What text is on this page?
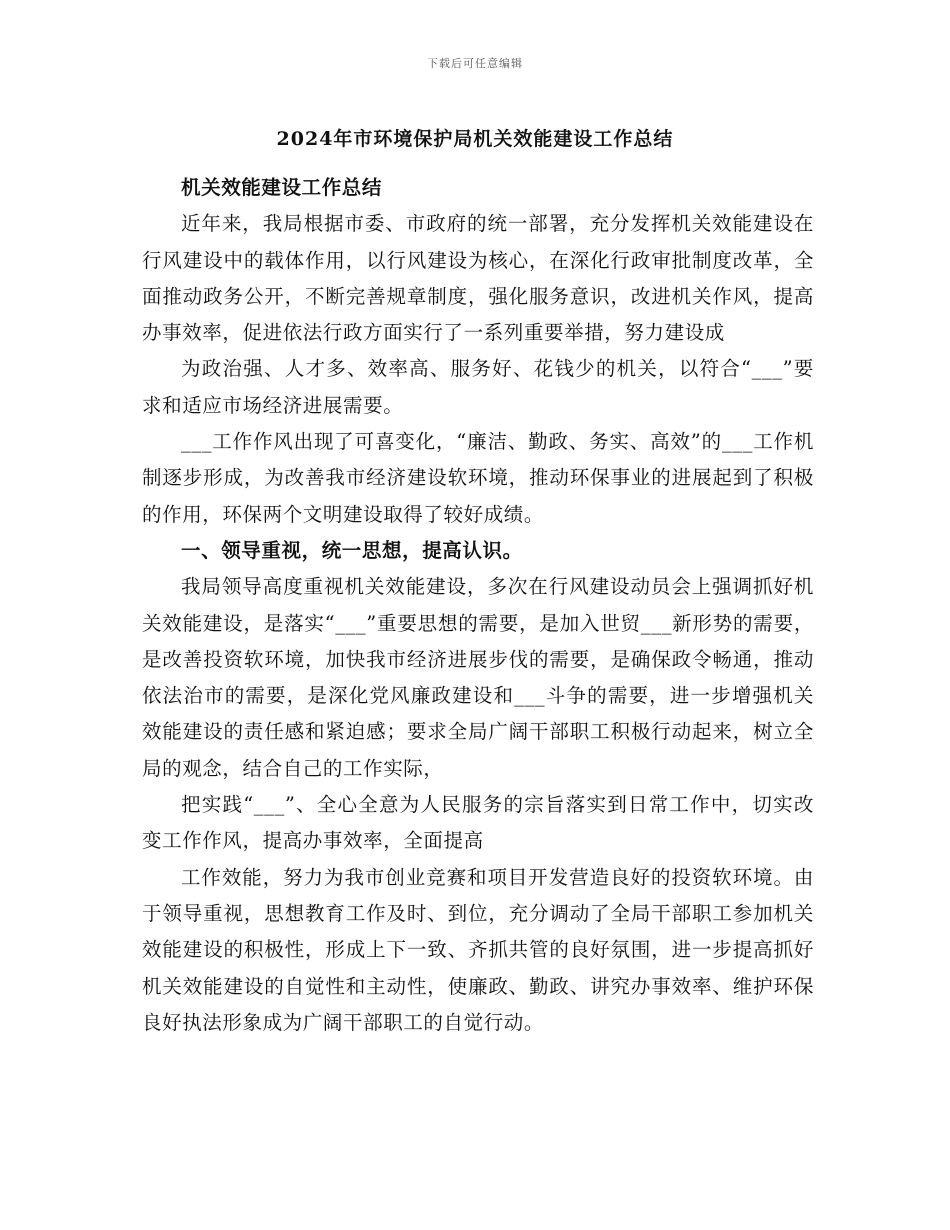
下载后可任意编辑
2024年市环境保护局机关效能建设工作总结

机关效能建设工作总结

近年来，我局根据市委、市政府的统一部署，充分发挥机关效能建设在行风建设中的载体作用，以行风建设为核心，在深化行政审批制度改革，全面推动政务公开，不断完善规章制度，强化服务意识，改进机关作风，提高办事效率，促进依法行政方面实行了一系列重要举措，努力建设成

为政治强、人才多、效率高、服务好、花钱少的机关，以符合“___”要求和适应市场经济进展需要。

___工作作风出现了可喜变化，“廉洁、勤政、务实、高效”的___工作机制逐步形成，为改善我市经济建设软环境，推动环保事业的进展起到了积极的作用，环保两个文明建设取得了较好成绩。

一、领导重视，统一思想，提高认识。

我局领导高度重视机关效能建设，多次在行风建设动员会上强调抓好机关效能建设，是落实“___”重要思想的需要，是加入世贸___新形势的需要，是改善投资软环境，加快我市经济进展步伐的需要，是确保政令畅通，推动依法治市的需要，是深化党风廉政建设和___斗争的需要，进一步增强机关效能建设的责任感和紧迫感；要求全局广阔干部职工积极行动起来，树立全局的观念，结合自己的工作实际，

把实践“___”、全心全意为人民服务的宗旨落实到日常工作中，切实改变工作作风，提高办事效率，全面提高

工作效能，努力为我市创业竞赛和项目开发营造良好的投资软环境。由于领导重视，思想教育工作及时、到位，充分调动了全局干部职工参加机关效能建设的积极性，形成上下一致、齐抓共管的良好氛围，进一步提高抓好机关效能建设的自觉性和主动性，使廉政、勤政、讲究办事效率、维护环保良好执法形象成为广阔干部职工的自觉行动。
